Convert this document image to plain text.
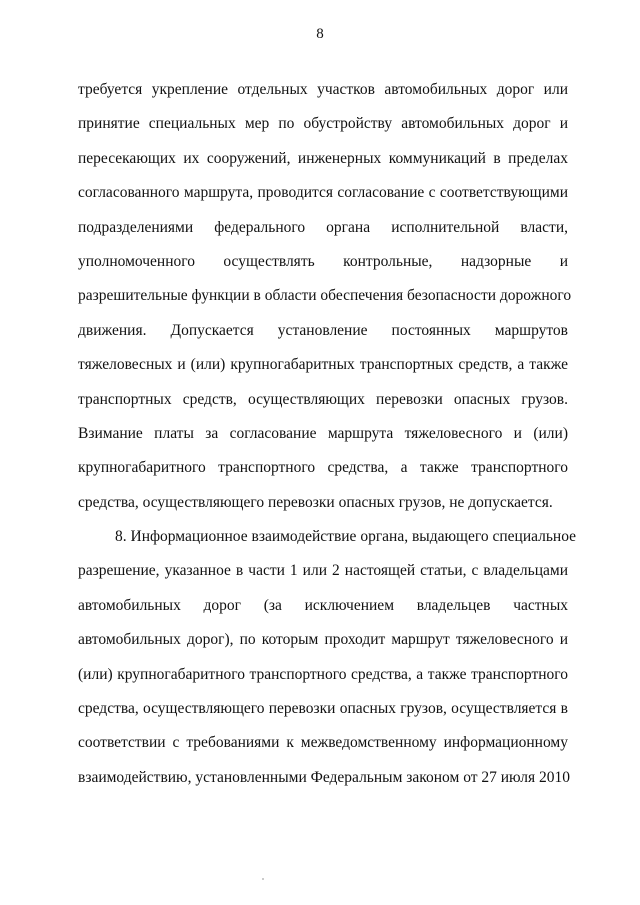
8
требуется укрепление отдельных участков автомобильных дорог или
принятие специальных мер по обустройству автомобильных дорог и
пересекающих их сооружений, инженерных коммуникаций в пределах
согласованного маршрута, проводится согласование с соответствующими
подразделениями федерального органа исполнительной власти,
уполномоченного осуществлять контрольные, надзорные и
разрешительные функции в области обеспечения безопасности дорожного
движения. Допускается установление постоянных маршрутов
тяжеловесных и (или) крупногабаритных транспортных средств, а также
транспортных средств, осуществляющих перевозки опасных грузов.
Взимание платы за согласование маршрута тяжеловесного и (или)
крупногабаритного транспортного средства, а также транспортного
средства, осуществляющего перевозки опасных грузов, не допускается.
8. Информационное взаимодействие органа, выдающего специальное
разрешение, указанное в части 1 или 2 настоящей статьи, с владельцами
автомобильных дорог (за исключением владельцев частных
автомобильных дорог), по которым проходит маршрут тяжеловесного и
(или) крупногабаритного транспортного средства, а также транспортного
средства, осуществляющего перевозки опасных грузов, осуществляется в
соответствии с требованиями к межведомственному информационному
взаимодействию, установленными Федеральным законом от 27 июля 2010
